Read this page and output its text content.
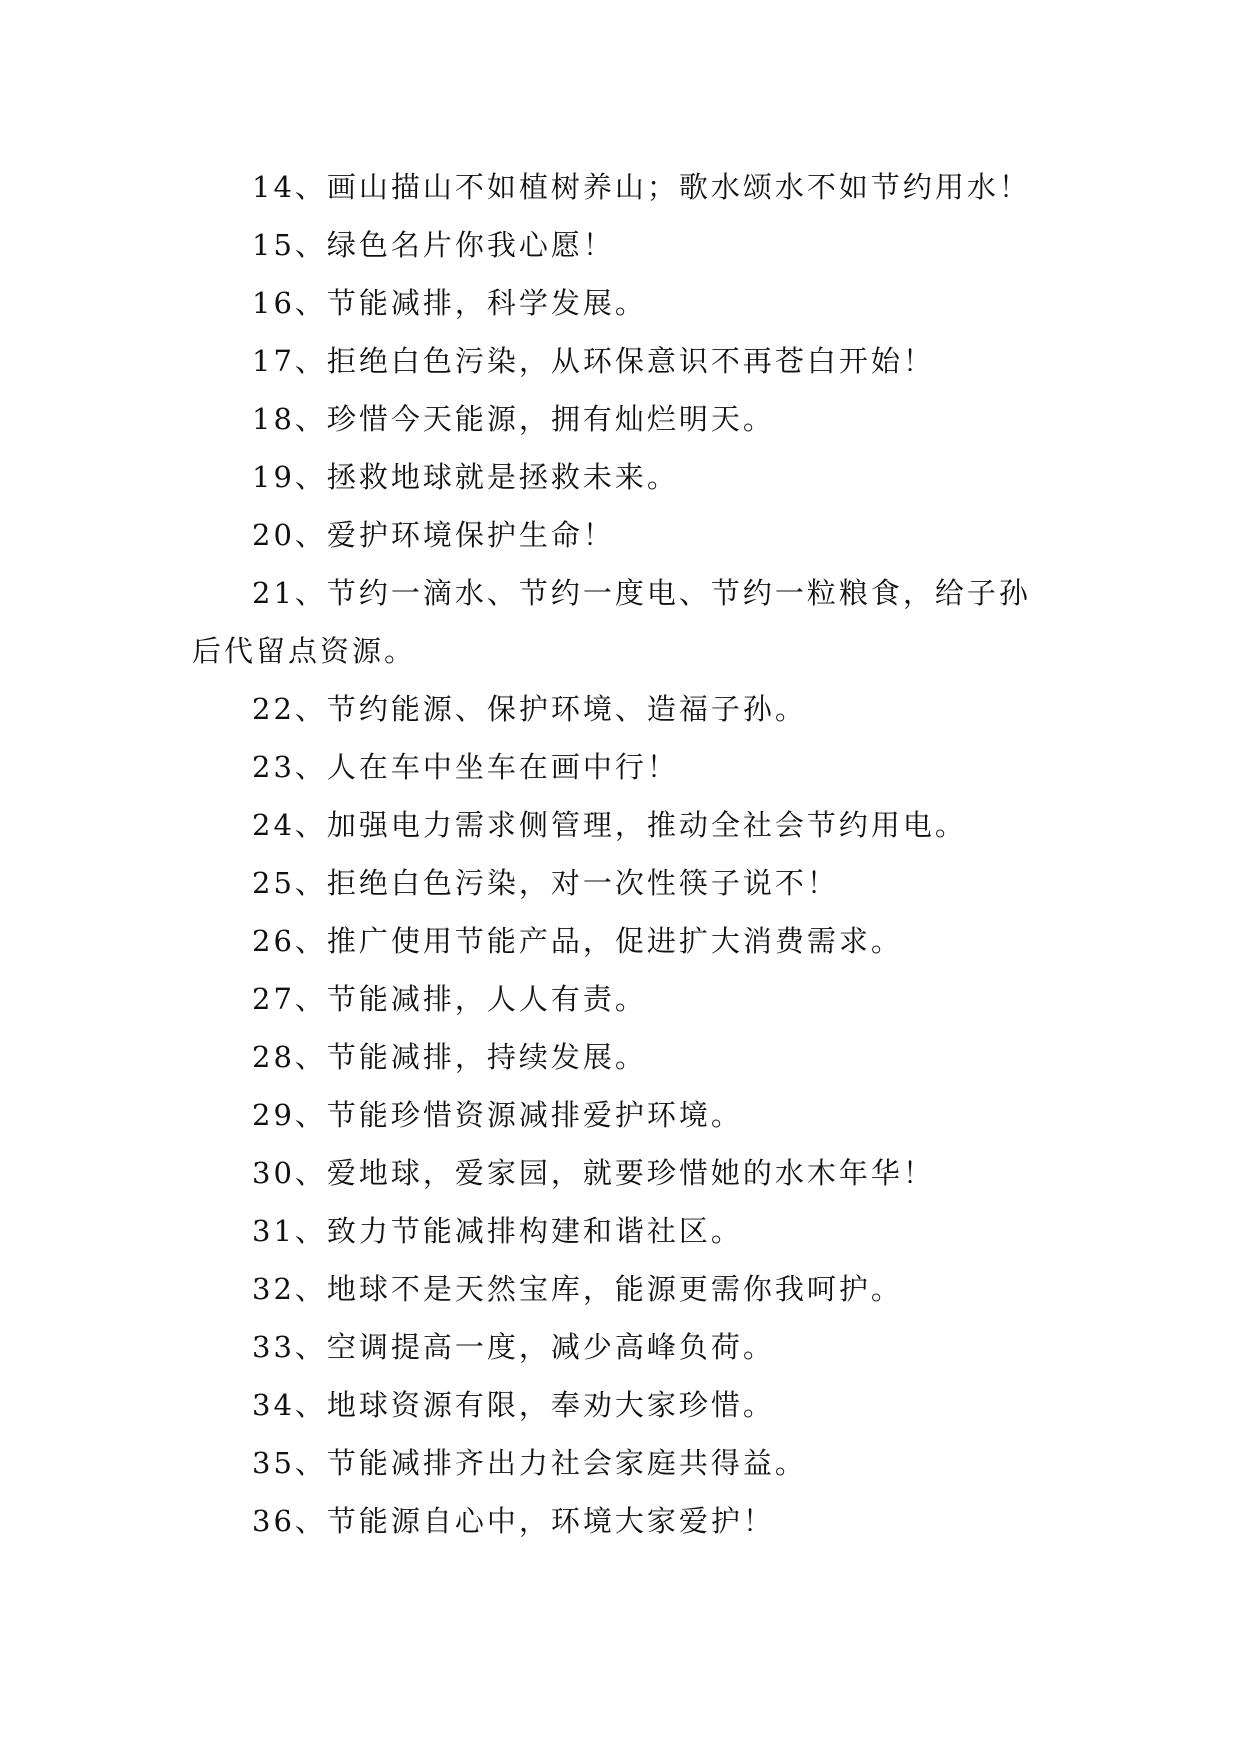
14、画山描山不如植树养山；歌水颂水不如节约用水！

15、绿色名片你我心愿！

16、节能减排，科学发展。

17、拒绝白色污染，从环保意识不再苍白开始！

18、珍惜今天能源，拥有灿烂明天。

19、拯救地球就是拯救未来。

20、爱护环境保护生命！

21、节约一滴水、节约一度电、节约一粒粮食，给子孙后代留点资源。

22、节约能源、保护环境、造福子孙。

23、人在车中坐车在画中行！

24、加强电力需求侧管理，推动全社会节约用电。

25、拒绝白色污染，对一次性筷子说不！

26、推广使用节能产品，促进扩大消费需求。

27、节能减排，人人有责。

28、节能减排，持续发展。

29、节能珍惜资源减排爱护环境。

30、爱地球，爱家园，就要珍惜她的水木年华！

31、致力节能减排构建和谐社区。

32、地球不是天然宝库，能源更需你我呵护。

33、空调提高一度，减少高峰负荷。

34、地球资源有限，奉劝大家珍惜。

35、节能减排齐出力社会家庭共得益。

36、节能源自心中，环境大家爱护！
